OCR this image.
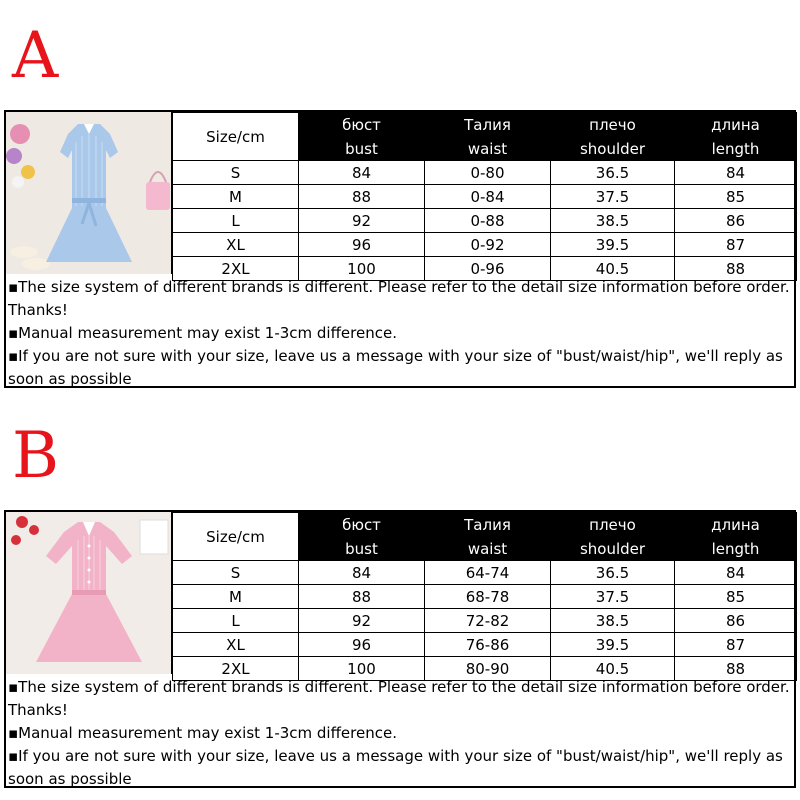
A
Size/cm	бюст	Талия	плечо	длина
	bust	waist	shoulder	length
S	84	0-80	36.5	84
M	88	0-84	37.5	85
L	92	0-88	38.5	86
XL	96	0-92	39.5	87
2XL	100	0-96	40.5	88

▪The size system of different brands is different. Please refer to the detail size information before order. Thanks!

▪Manual measurement may exist 1-3cm difference.

▪If you are not sure with your size, leave us a message with your size of "bust/waist/hip", we'll reply as soon as possible

B
Size/cm	бюст	Талия	плечо	длина
	bust	waist	shoulder	length
S	84	64-74	36.5	84
M	88	68-78	37.5	85
L	92	72-82	38.5	86
XL	96	76-86	39.5	87
2XL	100	80-90	40.5	88

▪The size system of different brands is different. Please refer to the detail size information before order. Thanks!

▪Manual measurement may exist 1-3cm difference.

▪If you are not sure with your size, leave us a message with your size of "bust/waist/hip", we'll reply as soon as possible
